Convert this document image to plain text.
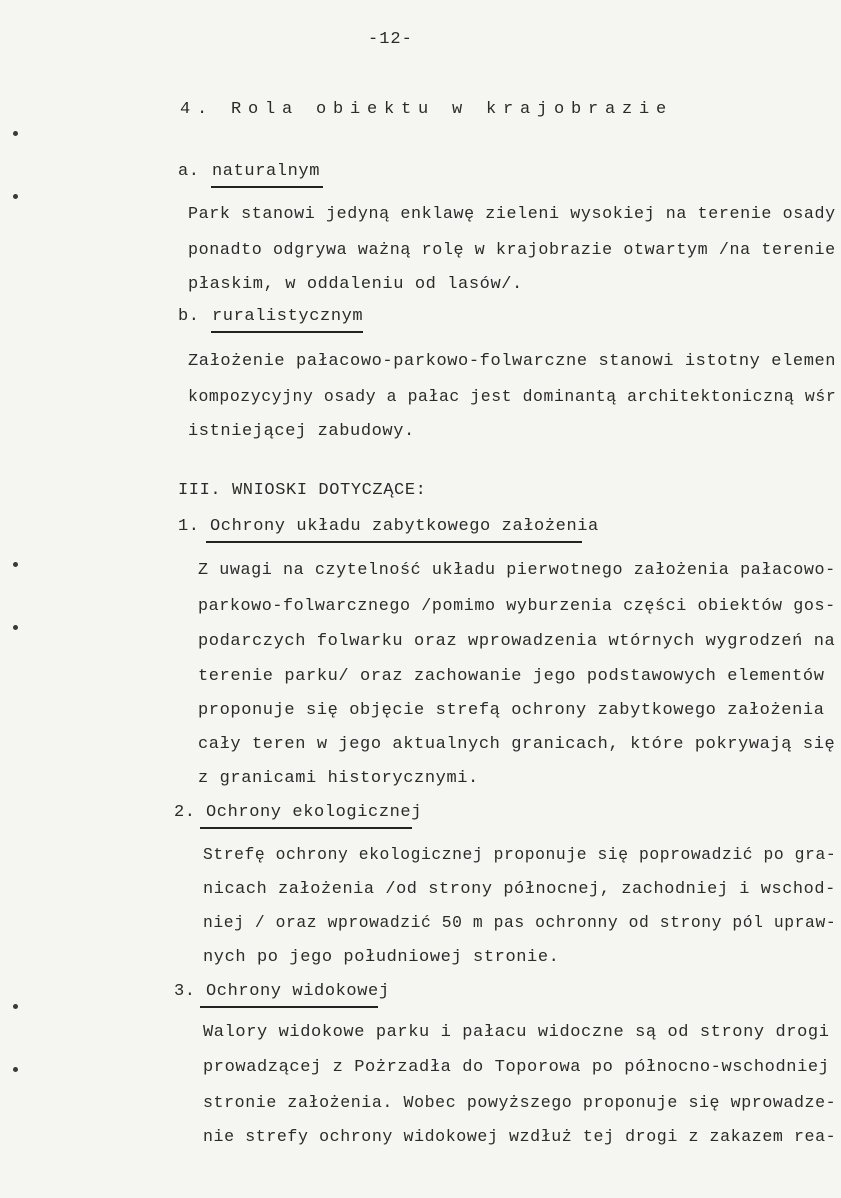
-12-
4. Rola obiektu w krajobrazie
a. naturalnym
Park stanowi jedyną enklawę zieleni wysokiej na terenie osady
ponadto odgrywa ważną rolę w krajobrazie otwartym /na terenie
płaskim, w oddaleniu od lasów/.
b. ruralistycznym
Założenie pałacowo-parkowo-folwarczne stanowi istotny elemen
kompozycyjny osady a pałac jest dominantą architektoniczną wśr
istniejącej zabudowy.
III. WNIOSKI DOTYCZĄCE:
1. Ochrony układu zabytkowego założenia
Z uwagi na czytelność układu pierwotnego założenia pałacowo-
parkowo-folwarcznego /pomimo wyburzenia części obiektów gos-
podarczych folwarku oraz wprowadzenia wtórnych wygrodzeń na
terenie parku/ oraz zachowanie jego podstawowych elementów
proponuje się objęcie strefą ochrony zabytkowego założenia
cały teren w jego aktualnych granicach, które pokrywają się
z granicami historycznymi.
2. Ochrony ekologicznej
Strefę ochrony ekologicznej proponuje się poprowadzić po gra-
nicach założenia /od strony północnej, zachodniej i wschod-
niej / oraz wprowadzić 50 m pas ochronny od strony pól upraw-
nych po jego południowej stronie.
3. Ochrony widokowej
Walory widokowe parku i pałacu widoczne są od strony drogi
prowadzącej z Pożrzadła do Toporowa po północno-wschodniej
stronie założenia. Wobec powyższego proponuje się wprowadze-
nie strefy ochrony widokowej wzdłuż tej drogi z zakazem rea-
